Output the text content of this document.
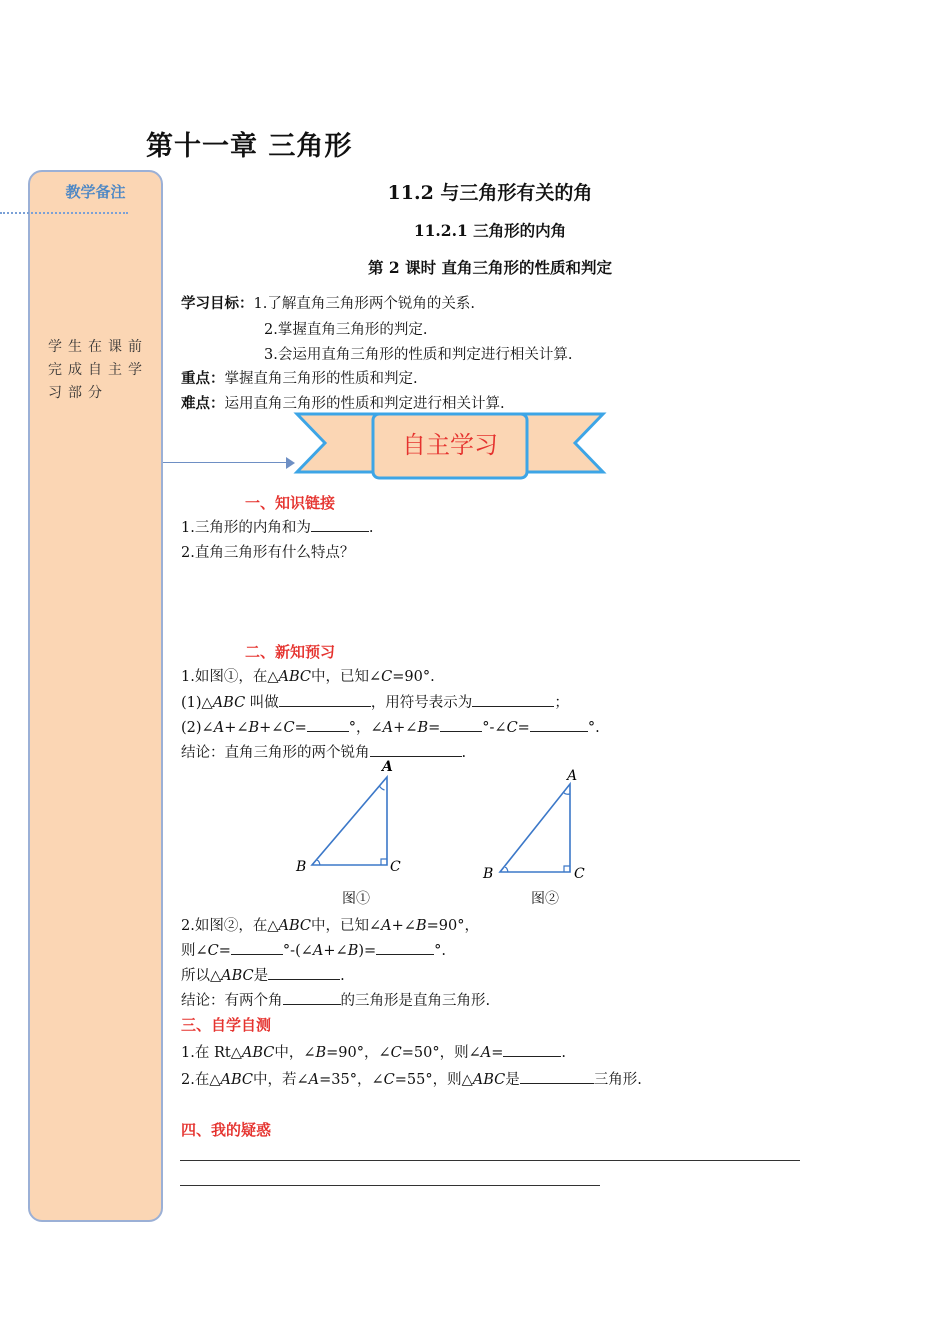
第十一章 三角形
教学备注
学生在课前完成自主学习部分
11.2 与三角形有关的角
11.2.1 三角形的内角
第 2 课时 直角三角形的性质和判定
学习目标：1.了解直角三角形两个锐角的关系.
2.掌握直角三角形的判定.
3.会运用直角三角形的性质和判定进行相关计算.
重点：掌握直角三角形的性质和判定.
难点：运用直角三角形的性质和判定进行相关计算.
自主学习
一、知识链接
1.三角形的内角和为	.
2.直角三角形有什么特点？
二、新知预习
1.如图①，在△ABC中，已知∠C=90°.
(1)△ABC 叫做	，用符号表示为	；
(2)∠A+∠B+∠C=	°，∠A+∠B=	°-∠C=	°.
结论：直角三角形的两个锐角	.
A
B	C
图①
A
B	C
图②
2.如图②，在△ABC中，已知∠A+∠B=90°，
则∠C=	°-(∠A+∠B)=	°.
所以△ABC是	.
结论：有两个角	的三角形是直角三角形.
三、自学自测
1.在 Rt△ABC中，∠B=90°，∠C=50°，则∠A=	.
2.在△ABC中，若∠A=35°，∠C=55°，则△ABC是	三角形.
四、我的疑惑
